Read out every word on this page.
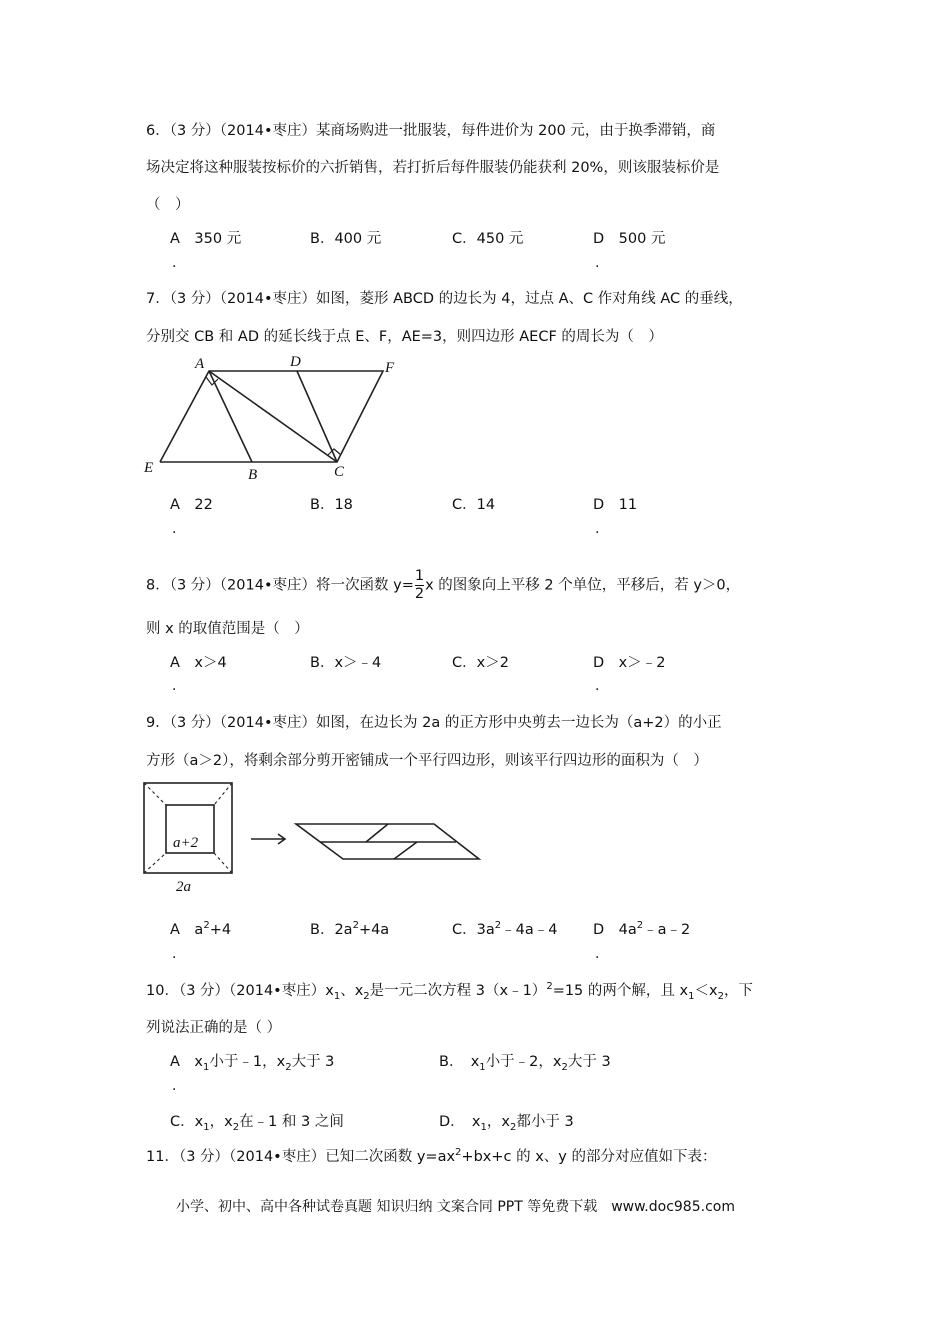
6．（3 分）（2014•枣庄）某商场购进一批服装，每件进价为 200 元，由于换季滞销，商
场决定将这种服装按标价的六折销售，若打折后每件服装仍能获利 20%，则该服装标价是
（　）
A　350 元	B．400 元	C．450 元	D　500 元
.	.
7．（3 分）（2014•枣庄）如图，菱形 ABCD 的边长为 4，过点 A、C 作对角线 AC 的垂线，
分别交 CB 和 AD 的延长线于点 E、F，AE=3，则四边形 AECF 的周长为（　）
A	D	F
E	B	C
A　22	B．18	C．14	D　11
.	.
8．（3 分）（2014•枣庄）将一次函数 $y= \frac{1}{2}$ x 的图象向上平移 2 个单位，平移后，若 y＞0，
则 x 的取值范围是（　）
A　x＞4	B．x＞﹣4	C．x＞2	D　x＞﹣2
.	.
9．（3 分）（2014•枣庄）如图，在边长为 2a 的正方形中央剪去一边长为（a+2）的小正
方形（a＞2），将剩余部分剪开密铺成一个平行四边形，则该平行四边形的面积为（　）
a+2
2a
A　$a^2+4$	B．$2a^2+4a$	C．$3a^2﹣4a﹣4$ D　$4a^2﹣a﹣2$
.	.
10．（3 分）（2014•枣庄）$x_1$、$x_2$是一元二次方程 3（x﹣1）$^2$=15 的两个解，且 $x_1<x_2$，下
列说法正确的是（ ）
A　$x_1$小于﹣1，$x_2$大于 3	B．　$x_1$小于﹣2，$x_2$大于 3
.
C．$x_1$，$x_2$在﹣1 和 3 之间	D．　$x_1$，$x_2$都小于 3
11．（3 分）（2014•枣庄）已知二次函数 $y=ax^2+bx+c$ 的 x、y 的部分对应值如下表：
小学、初中、高中各种试卷真题 知识归纳 文案合同 PPT 等免费下载　www.doc985.com
